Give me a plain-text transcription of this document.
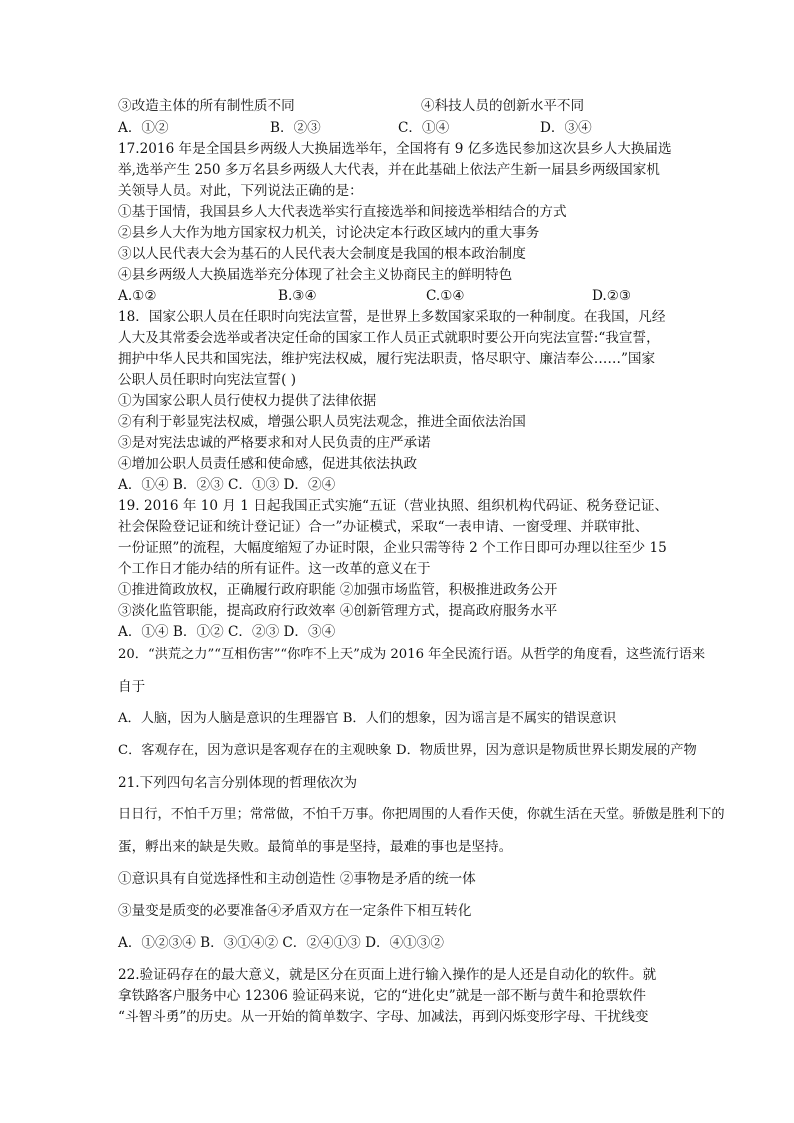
③改造主体的所有制性质不同	④科技人员的创新水平不同
A．①②	B．②③	C．①④	D．③④
17.2016 年是全国县乡两级人大换届选举年，全国将有 9 亿多选民参加这次县乡人大换届选
举,选举产生 250 多万名县乡两级人大代表，并在此基础上依法产生新一届县乡两级国家机
关领导人员。对此，下列说法正确的是：
①基于国情，我国县乡人大代表选举实行直接选举和间接选举相结合的方式
②县乡人大作为地方国家权力机关，讨论决定本行政区域内的重大事务
③以人民代表大会为基石的人民代表大会制度是我国的根本政治制度
④县乡两级人大换届选举充分体现了社会主义协商民主的鲜明特色
A.①②	B.③④	C.①④	D.②③
18．国家公职人员在任职时向宪法宣誓，是世界上多数国家采取的一种制度。在我国，凡经
人大及其常委会选举或者决定任命的国家工作人员正式就职时要公开向宪法宣誓:“我宣誓，
拥护中华人民共和国宪法，维护宪法权威，履行宪法职责，恪尽职守、廉洁奉公……”国家
公职人员任职时向宪法宣誓( )
①为国家公职人员行使权力提供了法律依据
②有利于彰显宪法权威，增强公职人员宪法观念，推进全面依法治国
③是对宪法忠诚的严格要求和对人民负责的庄严承诺
④增加公职人员责任感和使命感，促进其依法执政
A．①④ B．②③ C．①③ D．②④
19. 2016 年 10 月 1 日起我国正式实施“五证（营业执照、组织机构代码证、税务登记证、
社会保险登记证和统计登记证）合一”办证模式，采取“一表申请、一窗受理、并联审批、
一份证照”的流程，大幅度缩短了办证时限，企业只需等待 2 个工作日即可办理以往至少 15
个工作日才能办结的所有证件。这一改革的意义在于
①推进简政放权，正确履行政府职能 ②加强市场监管，积极推进政务公开
③淡化监管职能，提高政府行政效率 ④创新管理方式，提高政府服务水平
A．①④ B．①② C．②③ D．③④
20．“洪荒之力”“互相伤害”“你咋不上天”成为 2016 年全民流行语。从哲学的角度看，这些流行语来
自于
A．人脑，因为人脑是意识的生理器官 B．人们的想象，因为谣言是不属实的错误意识
C．客观存在，因为意识是客观存在的主观映象 D．物质世界，因为意识是物质世界长期发展的产物
21.下列四句名言分别体现的哲理依次为
日日行，不怕千万里；常常做，不怕千万事。你把周围的人看作天使，你就生活在天堂。骄傲是胜利下的
蛋，孵出来的缺是失败。最简单的事是坚持，最难的事也是坚持。
①意识具有自觉选择性和主动创造性 ②事物是矛盾的统一体
③量变是质变的必要准备④矛盾双方在一定条件下相互转化
A．①②③④ B．③①④② C．②④①③ D．④①③②
22.验证码存在的最大意义，就是区分在页面上进行输入操作的是人还是自动化的软件。就
拿铁路客户服务中心 12306 验证码来说，它的“进化史”就是一部不断与黄牛和抢票软件
“斗智斗勇”的历史。从一开始的简单数字、字母、加减法，再到闪烁变形字母、干扰线变
